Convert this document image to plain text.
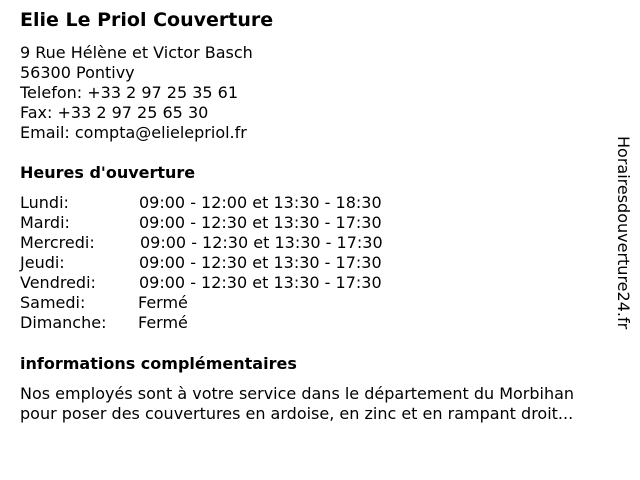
Elie Le Priol Couverture
9 Rue Hélène et Victor Basch
56300 Pontivy
Telefon: +33 2 97 25 35 61
Fax: +33 2 97 25 65 30
Email: compta@elielepriol.fr
Heures d'ouverture
Lundi:	09:00 - 12:00 et 13:30 - 18:30
Mardi:	09:00 - 12:30 et 13:30 - 17:30
Mercredi:	09:00 - 12:30 et 13:30 - 17:30
Jeudi:	09:00 - 12:30 et 13:30 - 17:30
Vendredi:	09:00 - 12:30 et 13:30 - 17:30
Samedi:	Fermé
Dimanche: Fermé
informations complémentaires

Nos employés sont à votre service dans le département du Morbihan
pour poser des couvertures en ardoise, en zinc et en rampant droit...

Horairesdouverture24.fr
